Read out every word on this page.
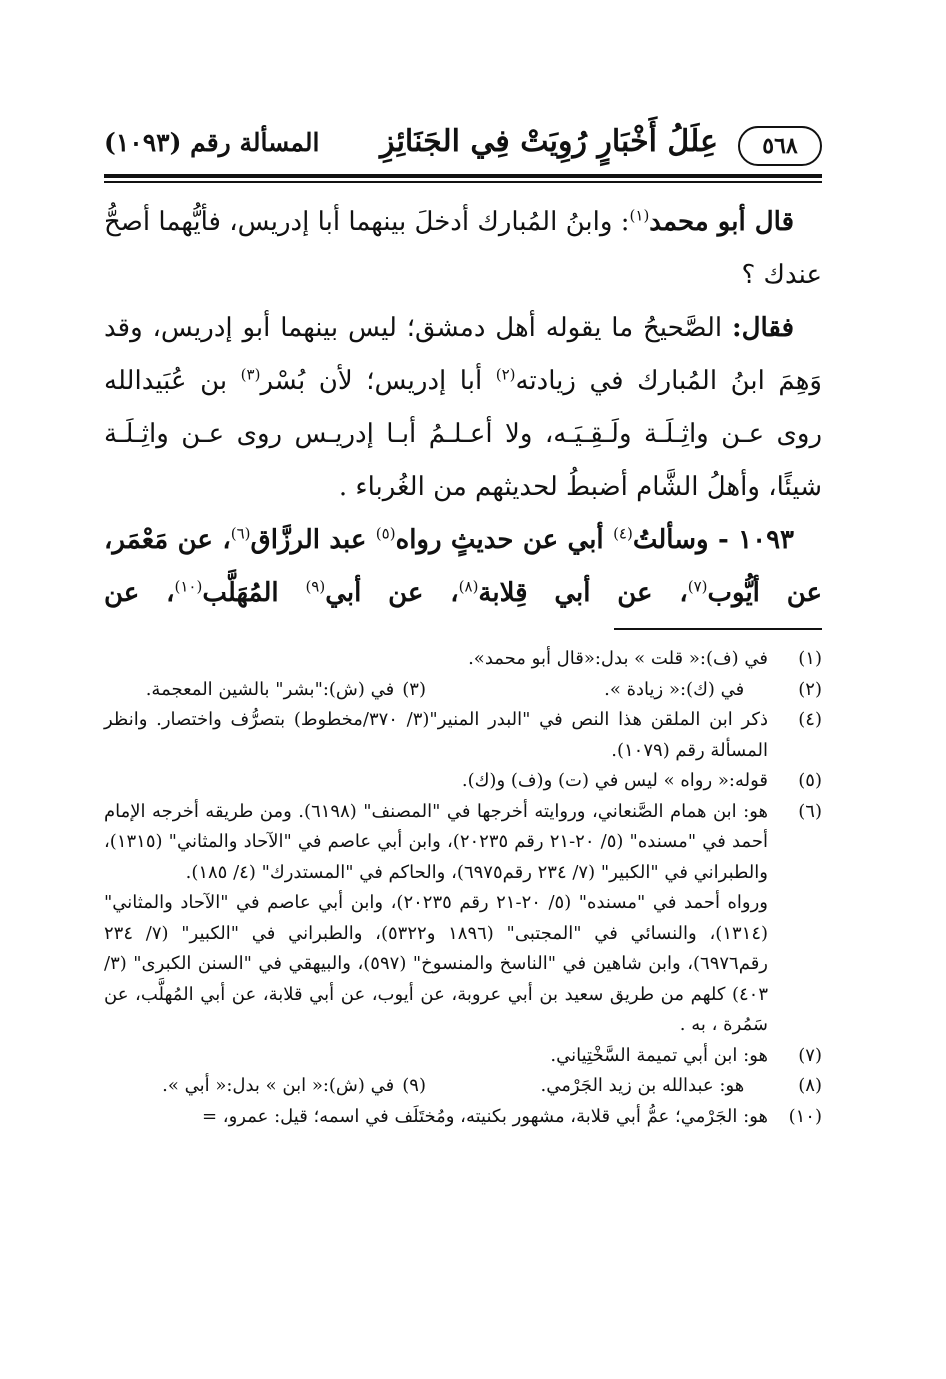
٥٦٨
عِلَلُ أَخْبَارٍ رُوِيَتْ فِي الجَنَائِزِ
المسألة رقم (١٠٩٣)

قال أبو محمد$^{(١)}$: وابنُ المُبارك أدخلَ بينهما أبا إدريس، فأيُّهما أصحُّ عندك ؟

فقال: الصَّحيحُ ما يقوله أهل دمشق؛ ليس بينهما أبو إدريس، وقد وَهِمَ ابنُ المُبارك في زيادته$^{(٢)}$ أبا إدريس؛ لأن بُسْر$^{(٣)}$ بن عُبَيدالله روى عـن واثِـلَـة ولَـقِـيَـه، ولا أعـلـمُ أبـا إدريـس روى عـن واثِـلَـة شيئًا، وأهلُ الشَّام أضبطُ لحديثهم من الغُرباء .

١٠٩٣ - وسألتُ$^{(٤)}$ أبي عن حديثٍ رواه$^{(٥)}$ عبد الرزَّاق$^{(٦)}$، عن مَعْمَر، عن أيُّوب$^{(٧)}$، عن أبي قِلابة$^{(٨)}$، عن أبي$^{(٩)}$ المُهَلَّب$^{(١٠)}$، عن

(١)
في (ف):« قلت » بدل:«قال أبو محمد».
(٢)في (ك):« زيادة ».
(٣)في (ش):"بشر" بالشين المعجمة.
(٤)
ذكر ابن الملقن هذا النص في "البدر المنير"(٣/ ٣٧٠/مخطوط) بتصرُّف واختصار. وانظر المسألة رقم (١٠٧٩).
(٥)
قوله:« رواه » ليس في (ت) و(ف) و(ك).
(٦)
هو: ابن همام الصَّنعاني، وروايته أخرجها في "المصنف" (٦١٩٨). ومن طريقه أخرجه الإمام أحمد في "مسنده" (٥/ ٢٠-٢١ رقم ٢٠٢٣٥)، وابن أبي عاصم في "الآحاد والمثاني" (١٣١٥)، والطبراني في "الكبير" (٧/ ٢٣٤ رقم٦٩٧٥)، والحاكم في "المستدرك" (٤/ ١٨٥).
ورواه أحمد في "مسنده" (٥/ ٢٠-٢١ رقم ٢٠٢٣٥)، وابن أبي عاصم في "الآحاد والمثاني" (١٣١٤)، والنسائي في "المجتبى" (١٨٩٦ و٥٣٢٢)، والطبراني في "الكبير" (٧/ ٢٣٤ رقم٦٩٧٦)، وابن شاهين في "الناسخ والمنسوخ" (٥٩٧)، والبيهقي في "السنن الكبرى" (٣/ ٤٠٣) كلهم من طريق سعيد بن أبي عروبة، عن أيوب، عن أبي قلابة، عن أبي المُهلَّب، عن سَمُرة ، به .
(٧)
هو: ابن أبي تميمة السَّخْتِياني.
(٨)هو: عبدالله بن زيد الجَرْمي.
(٩)في (ش):« ابن » بدل:« أبي ».
(١٠)
هو: الجَرْمي؛ عمُّ أبي قلابة، مشهور بكنيته، ومُختَلَف في اسمه؛ قيل: عمرو، =
